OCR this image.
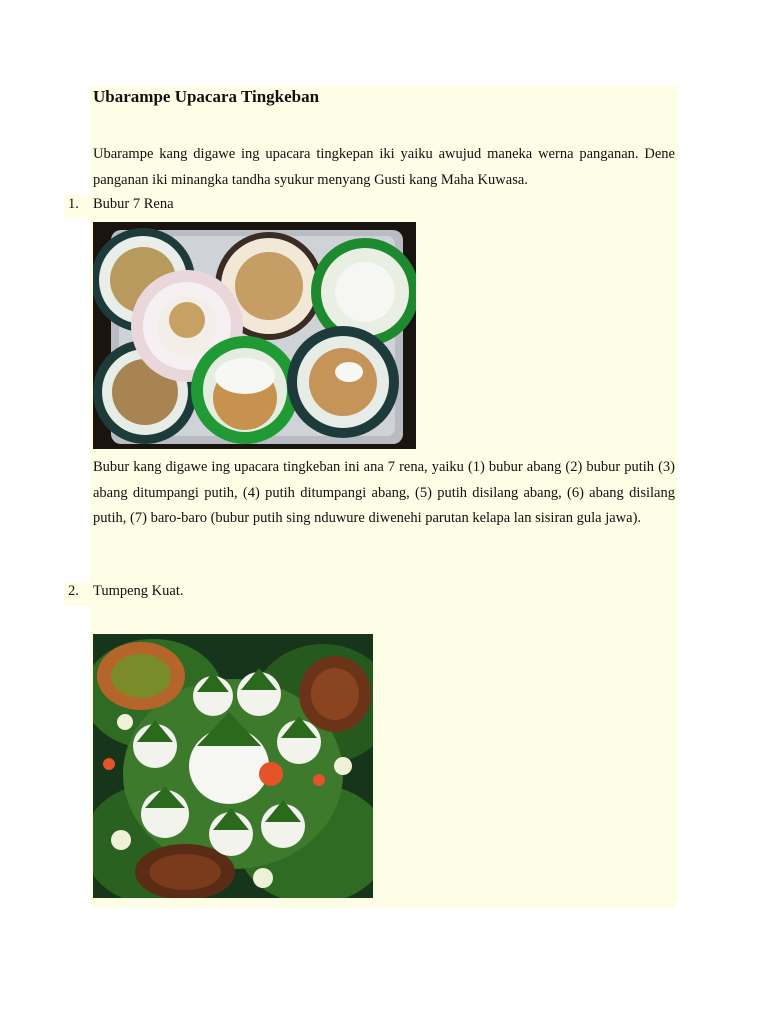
Ubarampe Upacara Tingkeban
Ubarampe kang digawe ing upacara tingkepan iki yaiku awujud maneka werna panganan. Dene panganan iki minangka tandha syukur menyang Gusti kang Maha Kuwasa.
1. Bubur 7 Rena
Bubur kang digawe ing upacara tingkeban ini ana 7 rena, yaiku (1) bubur abang (2) bubur putih (3) abang ditumpangi putih, (4) putih ditumpangi abang, (5) putih disilang abang, (6) abang disilang putih, (7) baro-baro (bubur putih sing nduwure diwenehi parutan kelapa lan sisiran gula jawa).
2. Tumpeng Kuat.
